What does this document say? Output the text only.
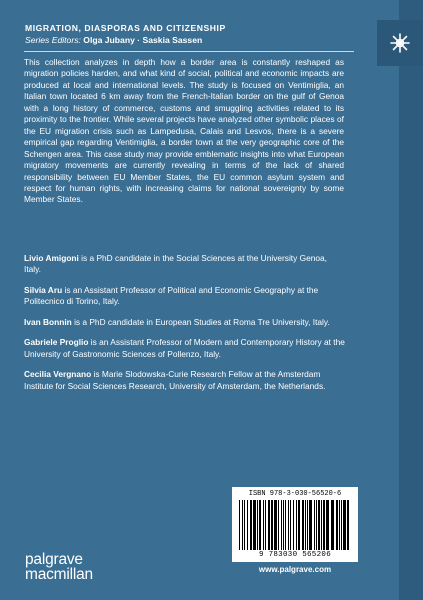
MIGRATION, DIASPORAS AND CITIZENSHIP
Series Editors: Olga Jubany · Saskia Sassen

This collection analyzes in depth how a border area is constantly reshaped as migration policies harden, and what kind of social, political and economic impacts are produced at local and international levels. The study is focused on Ventimiglia, an Italian town located 6 km away from the French-Italian border on the gulf of Genoa with a long history of commerce, customs and smuggling activities related to its proximity to the frontier. While several projects have analyzed other symbolic places of the EU migration crisis such as Lampedusa, Calais and Lesvos, there is a severe empirical gap regarding Ventimiglia, a border town at the very geographic core of the Schengen area. This case study may provide emblematic insights into what European migratory movements are currently revealing in terms of the lack of shared responsibility between EU Member States, the EU common asylum system and respect for human rights, with increasing claims for national sovereignty by some Member States.

Livio Amigoni is a PhD candidate in the Social Sciences at the University Genoa, Italy.

Silvia Aru is an Assistant Professor of Political and Economic Geography at the Politecnico di Torino, Italy.

Ivan Bonnin is a PhD candidate in European Studies at Roma Tre University, Italy.

Gabriele Proglio is an Assistant Professor of Modern and Contemporary History at the University of Gastronomic Sciences of Pollenzo, Italy.

Cecilia Vergnano is Marie Slodowska-Curie Research Fellow at the Amsterdam Institute for Social Sciences Research, University of Amsterdam, the Netherlands.

ISBN 978-3-030-56520-6
9 783030 565206
www.palgrave.com
palgrave
macmillan
